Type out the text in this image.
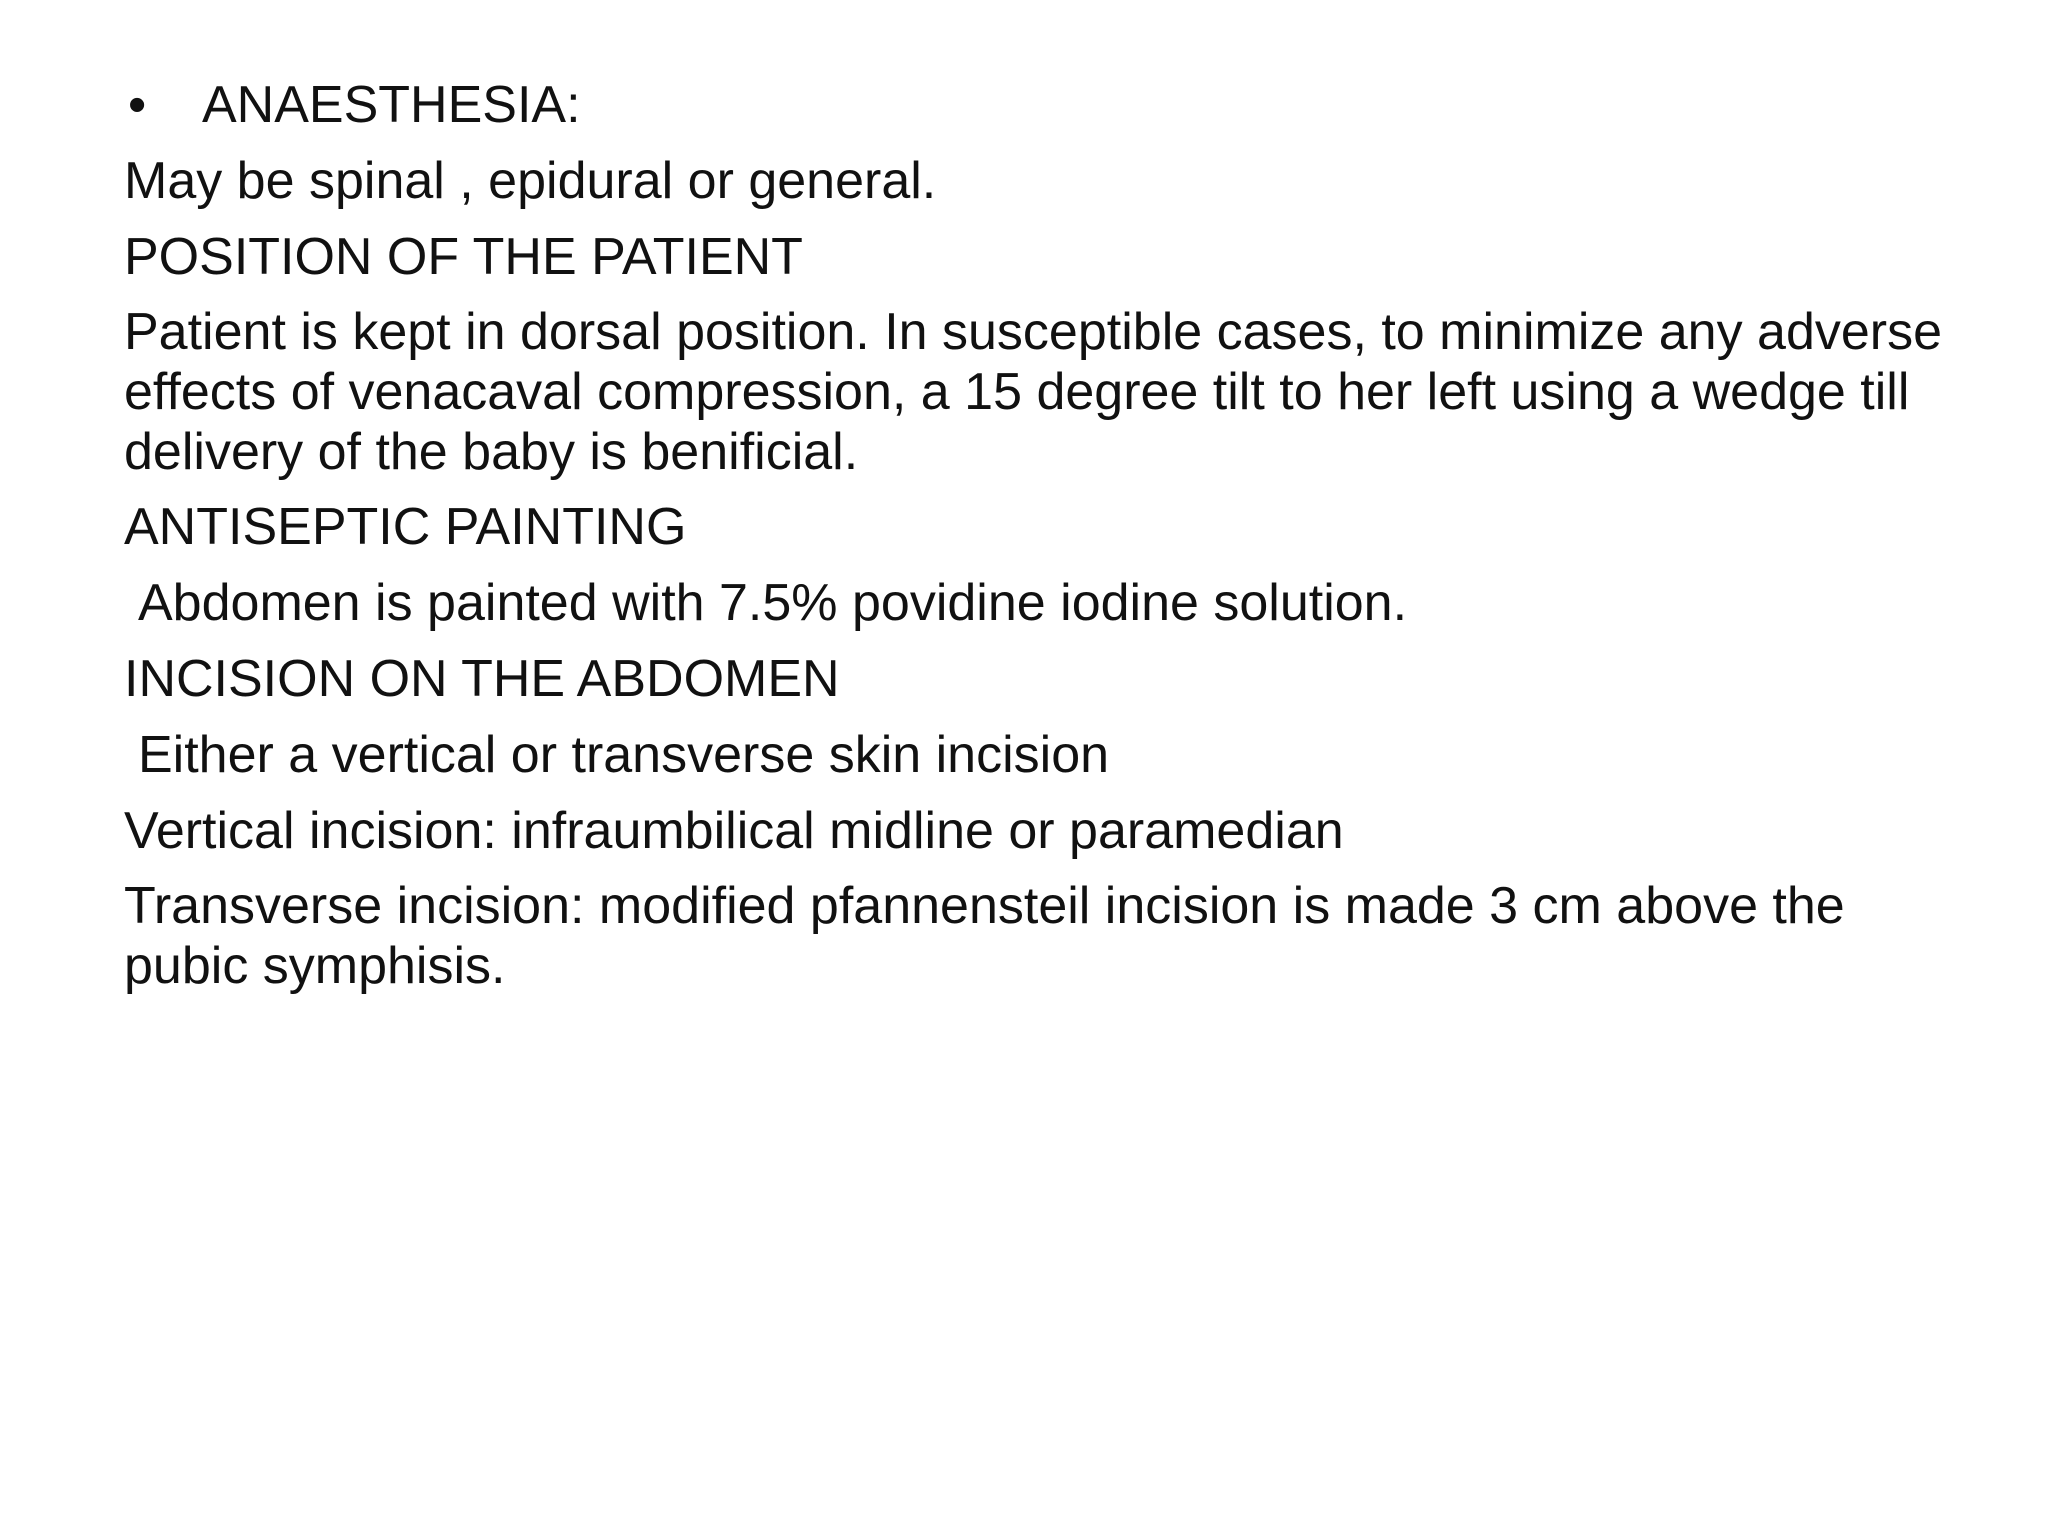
•	ANAESTHESIA:
May be spinal , epidural or general.
POSITION OF THE PATIENT
Patient is kept in dorsal position. In susceptible cases, to minimize any adverse effects of venacaval compression, a 15 degree tilt to her left using a wedge till delivery of the baby is benificial.
ANTISEPTIC PAINTING
Abdomen is painted with 7.5% povidine iodine solution.
INCISION ON THE ABDOMEN
Either a vertical or transverse skin incision
Vertical incision: infraumbilical midline or paramedian
Transverse incision: modified pfannensteil incision is made 3 cm above the pubic symphisis.
